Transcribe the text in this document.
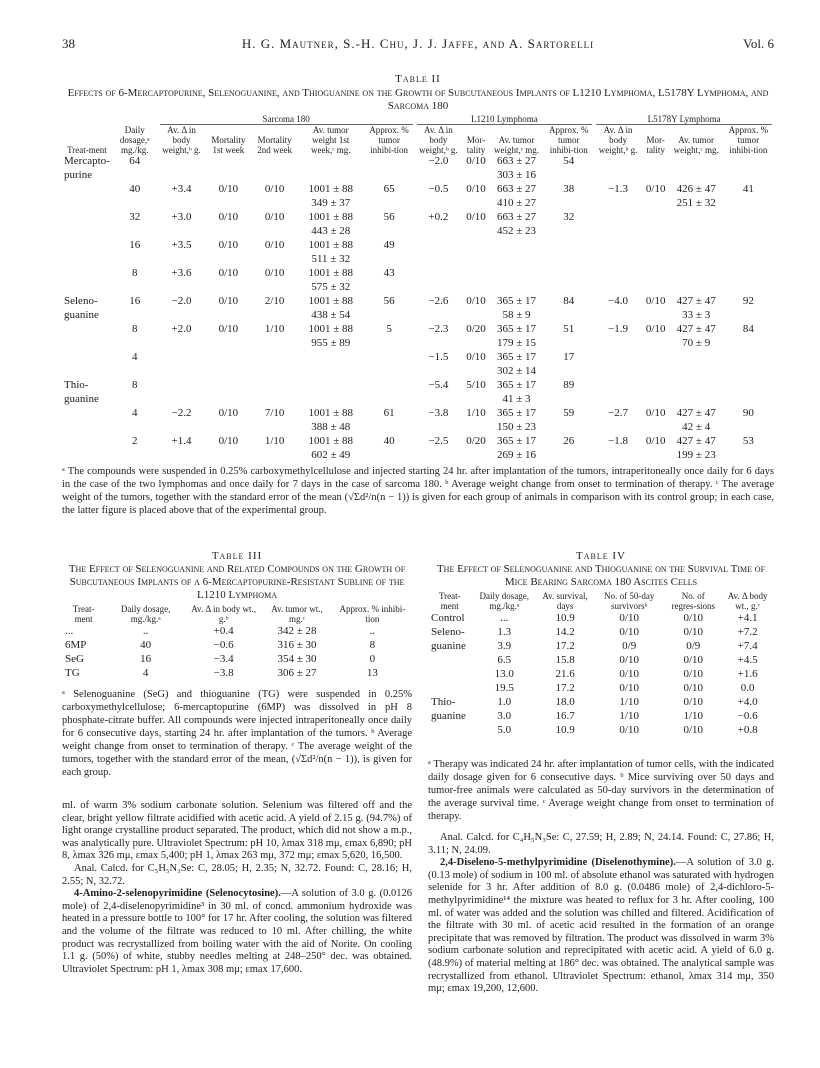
38	H. G. Mautner, S.-H. Chu, J. J. Jaffe, and A. Sartorelli	Vol. 6
Table II
Effects of 6-Mercaptopurine, Selenoguanine, and Thioguanine on the Growth of Subcutaneous Implants of L1210 Lymphoma, L5178Y Lymphoma, and Sarcoma 180
		Sarcoma 180					L1210 Lymphoma				L5178Y Lymphoma			

Treat-ment	Daily dosage,ᵃ mg./kg.	Av. Δ in body weight,ᵇ g.	Mortality 1st week	Mortality 2nd week	Av. tumor weight 1st week,ᶜ mg.	Approx. % tumor inhibi-tion	Av. Δ in body weight,ᵇ g.	Mor-tality	Av. tumor weight,ᶜ mg.	Approx. % tumor inhibi-tion	Av. Δ in body weight,ᵇ g.	Mor-tality	Av. tumor weight,ᶜ mg.	Approx. % tumor inhibi-tion
Mercapto-	64						−2.0	0/10	663 ± 27	54				
purine									303 ± 16					
	40	+3.4	0/10	0/10	1001 ± 88	65	−0.5	0/10	663 ± 27	38	−1.3	0/10	426 ± 47	41
					349 ± 37				410 ± 27				251 ± 32	
	32	+3.0	0/10	0/10	1001 ± 88	56	+0.2	0/10	663 ± 27	32				
					443 ± 28				452 ± 23					
	16	+3.5	0/10	0/10	1001 ± 88	49								
					511 ± 32									
	8	+3.6	0/10	0/10	1001 ± 88	43								
					575 ± 32									
Seleno-	16	−2.0	0/10	2/10	1001 ± 88	56	−2.6	0/10	365 ± 17	84	−4.0	0/10	427 ± 47	92
guanine					438 ± 54				58 ± 9				33 ± 3	
	8	+2.0	0/10	1/10	1001 ± 88	5	−2.3	0/20	365 ± 17	51	−1.9	0/10	427 ± 47	84
					955 ± 89				179 ± 15				70 ± 9	
	4						−1.5	0/10	365 ± 17	17				
									302 ± 14					
Thio-	8						−5.4	5/10	365 ± 17	89				
guanine									41 ± 3					
	4	−2.2	0/10	7/10	1001 ± 88	61	−3.8	1/10	365 ± 17	59	−2.7	0/10	427 ± 47	90
					388 ± 48				150 ± 23				42 ± 4	
	2	+1.4	0/10	1/10	1001 ± 88	40	−2.5	0/20	365 ± 17	26	−1.8	0/10	427 ± 47	53
					602 ± 49				269 ± 16				199 ± 23	
ᵃ The compounds were suspended in 0.25% carboxymethylcellulose and injected starting 24 hr. after implantation of the tumors, intraperitoneally once daily for 6 days in the case of the two lymphomas and once daily for 7 days in the case of sarcoma 180. ᵇ Average weight change from onset to termination of therapy. ᶜ The average weight of the tumors, together with the standard error of the mean (√Σd²/n(n − 1)) is given for each group of animals in comparison with its control group; in each case, the latter figure is placed above that of the experimental group.
Table III
The Effect of Selenoguanine and Related Compounds on the Growth of Subcutaneous Implants of a 6-Mercaptopurine-Resistant Subline of the L1210 Lymphoma
Treat-ment	Daily dosage, mg./kg.ᵃ	Av. Δ in body wt., g.ᵇ	Av. tumor wt., mg.ᶜ	Approx. % inhibi-tion
...	..	+0.4	342 ± 28	..
6MP	40	−0.6	316 ± 30	8
SeG	16	−3.4	354 ± 30	0
TG	4	−3.8	306 ± 27	13
ᵃ Selenoguanine (SeG) and thioguanine (TG) were suspended in 0.25% carboxymethylcellulose; 6-mercaptopurine (6MP) was dissolved in pH 8 phosphate-citrate buffer. All compounds were injected intraperitoneally once daily for 6 consecutive days, starting 24 hr. after implantation of the tumors. ᵇ Average weight change from onset to termination of therapy. ᶜ The average weight of the tumors, together with the standard error of the mean, (√Σd²/n(n − 1)), is given for each group.
Table IV
The Effect of Selenoguanine and Thioguanine on the Survival Time of Mice Bearing Sarcoma 180 Ascites Cells
Treat-ment	Daily dosage, mg./kg.ᵃ	Av. survival, days	No. of 50-day survivorsᵇ	No. of regres-sions	Av. Δ body wt., g.ᶜ
Control	...	10.9	0/10	0/10	+4.1
Seleno-	1.3	14.2	0/10	0/10	+7.2
guanine	3.9	17.2	0/9	0/9	+7.4
	6.5	15.8	0/10	0/10	+4.5
	13.0	21.6	0/10	0/10	+1.6
	19.5	17.2	0/10	0/10	0.0
Thio-	1.0	18.0	1/10	0/10	+4.0
guanine	3.0	16.7	1/10	1/10	−0.6
	5.0	10.9	0/10	0/10	+0.8
ᵃ Therapy was indicated 24 hr. after implantation of tumor cells, with the indicated daily dosage given for 6 consecutive days. ᵇ Mice surviving over 50 days and tumor-free animals were calculated as 50-day survivors in the determination of the average survival time. ᶜ Average weight change from onset to termination of therapy.

ml. of warm 3% sodium carbonate solution. Selenium was filtered off and the clear, bright yellow filtrate acidified with acetic acid. A yield of 2.15 g. (94.7%) of light orange crystalline product separated. The product, which did not show a m.p., was analytically pure. Ultraviolet Spectrum: pH 10, λmax 318 mμ, εmax 6,890; pH 8, λmax 326 mμ, εmax 5,400; pH 1, λmax 263 mμ, 372 mμ; εmax 5,620, 16,500.

Anal. Calcd. for C₅H₅N₃Se: C, 28.05; H, 2.35; N, 32.72. Found: C, 28.16; H, 2.55; N, 32.72.

4-Amino-2-selenopyrimidine (Selenocytosine).—A solution of 3.0 g. (0.0126 mole) of 2,4-diselenopyrimidine³ in 30 ml. of concd. ammonium hydroxide was heated in a pressure bottle to 100° for 17 hr. After cooling, the solution was filtered and the volume of the filtrate was reduced to 10 ml. After chilling, the white product was recrystallized from boiling water with the aid of Norite. On cooling 1.1 g. (50%) of white, stubby needles melting at 248–250° dec. was obtained. Ultraviolet Spectrum: pH 1, λmax 308 mμ; εmax 17,600.

Anal. Calcd. for C₄H₅N₃Se: C, 27.59; H, 2.89; N, 24.14. Found: C, 27.86; H, 3.11; N, 24.09.

2,4-Diseleno-5-methylpyrimidine (Diselenothymine).—A solution of 3.0 g. (0.13 mole) of sodium in 100 ml. of absolute ethanol was saturated with hydrogen selenide for 3 hr. After addition of 8.0 g. (0.0486 mole) of 2,4-dichloro-5-methylpyrimidine¹⁴ the mixture was heated to reflux for 3 hr. After cooling, 100 ml. of water was added and the solution was chilled and filtered. Acidification of the filtrate with 30 ml. of acetic acid resulted in the formation of an orange precipitate that was removed by filtration. The product was dissolved in warm 3% sodium carbonate solution and reprecipitated with acetic acid. A yield of 6.0 g. (48.9%) of material melting at 186° dec. was obtained. The analytical sample was recrystallized from ethanol. Ultraviolet Spectrum: ethanol, λmax 314 mμ, 350 mμ; εmax 19,200, 12,600.
